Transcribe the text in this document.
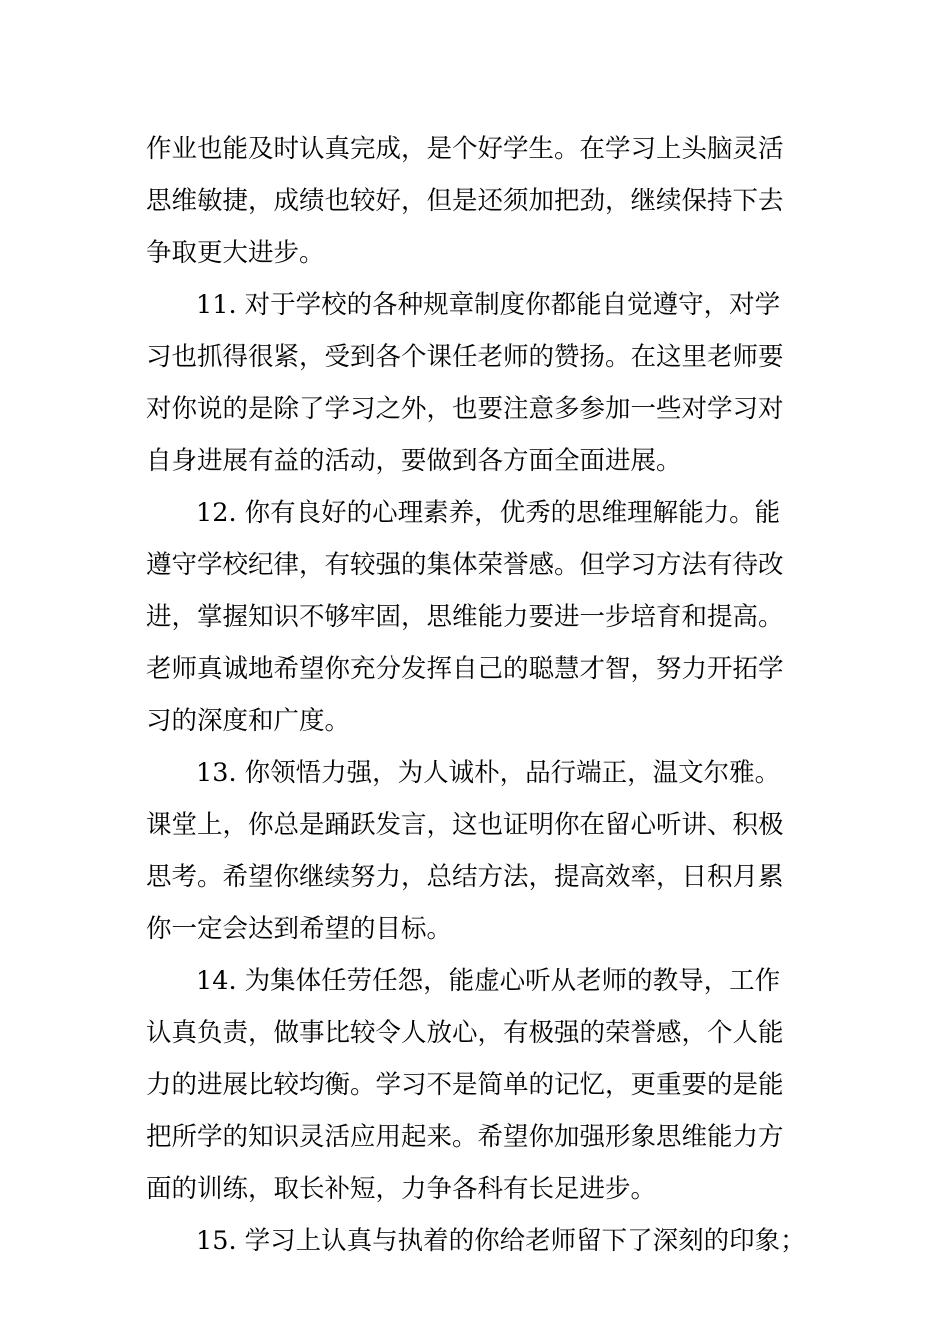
作业也能及时认真完成，是个好学生。在学习上头脑灵活
思维敏捷，成绩也较好，但是还须加把劲，继续保持下去
争取更大进步。
11. 对于学校的各种规章制度你都能自觉遵守，对学
习也抓得很紧，受到各个课任老师的赞扬。在这里老师要
对你说的是除了学习之外，也要注意多参加一些对学习对
自身进展有益的活动，要做到各方面全面进展。
12. 你有良好的心理素养，优秀的思维理解能力。能
遵守学校纪律，有较强的集体荣誉感。但学习方法有待改
进，掌握知识不够牢固，思维能力要进一步培育和提高。
老师真诚地希望你充分发挥自己的聪慧才智，努力开拓学
习的深度和广度。
13. 你领悟力强，为人诚朴，品行端正，温文尔雅。
课堂上，你总是踊跃发言，这也证明你在留心听讲、积极
思考。希望你继续努力，总结方法，提高效率，日积月累
你一定会达到希望的目标。
14. 为集体任劳任怨，能虚心听从老师的教导，工作
认真负责，做事比较令人放心，有极强的荣誉感，个人能
力的进展比较均衡。学习不是简单的记忆，更重要的是能
把所学的知识灵活应用起来。希望你加强形象思维能力方
面的训练，取长补短，力争各科有长足进步。
15. 学习上认真与执着的你给老师留下了深刻的印象；
